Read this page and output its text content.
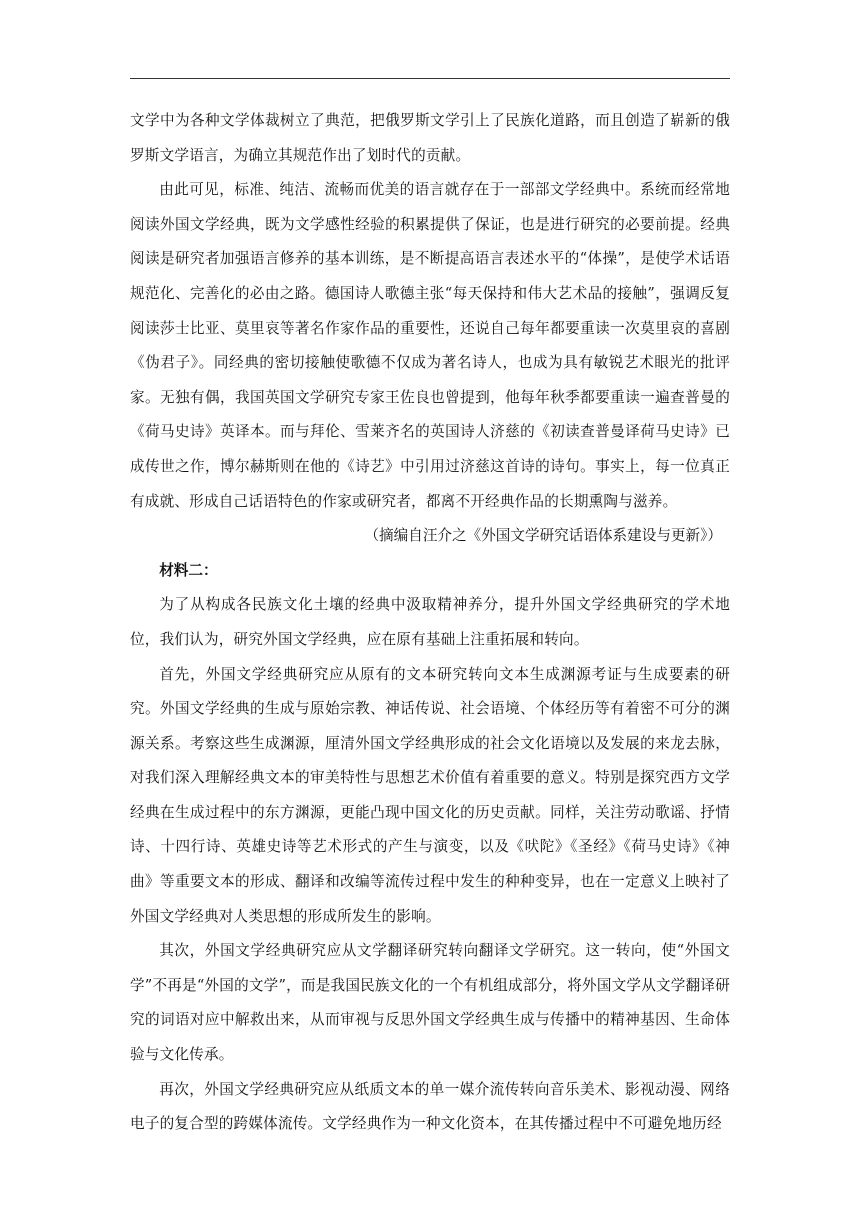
文学中为各种文学体裁树立了典范，把俄罗斯文学引上了民族化道路，而且创造了崭新的俄罗斯文学语言，为确立其规范作出了划时代的贡献。

由此可见，标准、纯洁、流畅而优美的语言就存在于一部部文学经典中。系统而经常地阅读外国文学经典，既为文学感性经验的积累提供了保证，也是进行研究的必要前提。经典阅读是研究者加强语言修养的基本训练，是不断提高语言表述水平的“体操”，是使学术话语规范化、完善化的必由之路。德国诗人歌德主张“每天保持和伟大艺术品的接触”，强调反复阅读莎士比亚、莫里哀等著名作家作品的重要性，还说自己每年都要重读一次莫里哀的喜剧《伪君子》。同经典的密切接触使歌德不仅成为著名诗人，也成为具有敏锐艺术眼光的批评家。无独有偶，我国英国文学研究专家王佐良也曾提到，他每年秋季都要重读一遍查普曼的《荷马史诗》英译本。而与拜伦、雪莱齐名的英国诗人济慈的《初读查普曼译荷马史诗》已成传世之作，博尔赫斯则在他的《诗艺》中引用过济慈这首诗的诗句。事实上，每一位真正有成就、形成自己话语特色的作家或研究者，都离不开经典作品的长期熏陶与滋养。

（摘编自汪介之《外国文学研究话语体系建设与更新》）

材料二：

为了从构成各民族文化土壤的经典中汲取精神养分，提升外国文学经典研究的学术地位，我们认为，研究外国文学经典，应在原有基础上注重拓展和转向。

首先，外国文学经典研究应从原有的文本研究转向文本生成渊源考证与生成要素的研究。外国文学经典的生成与原始宗教、神话传说、社会语境、个体经历等有着密不可分的渊源关系。考察这些生成渊源，厘清外国文学经典形成的社会文化语境以及发展的来龙去脉，对我们深入理解经典文本的审美特性与思想艺术价值有着重要的意义。特别是探究西方文学经典在生成过程中的东方渊源，更能凸现中国文化的历史贡献。同样，关注劳动歌谣、抒情诗、十四行诗、英雄史诗等艺术形式的产生与演变，以及《吠陀》《圣经》《荷马史诗》《神曲》等重要文本的形成、翻译和改编等流传过程中发生的种种变异，也在一定意义上映衬了外国文学经典对人类思想的形成所发生的影响。

其次，外国文学经典研究应从文学翻译研究转向翻译文学研究。这一转向，使“外国文学”不再是“外国的文学”，而是我国民族文化的一个有机组成部分，将外国文学从文学翻译研究的词语对应中解救出来，从而审视与反思外国文学经典生成与传播中的精神基因、生命体验与文化传承。

再次，外国文学经典研究应从纸质文本的单一媒介流传转向音乐美术、影视动漫、网络电子的复合型的跨媒体流传。文学经典作为一种文化资本，在其传播过程中不可避免地历经
